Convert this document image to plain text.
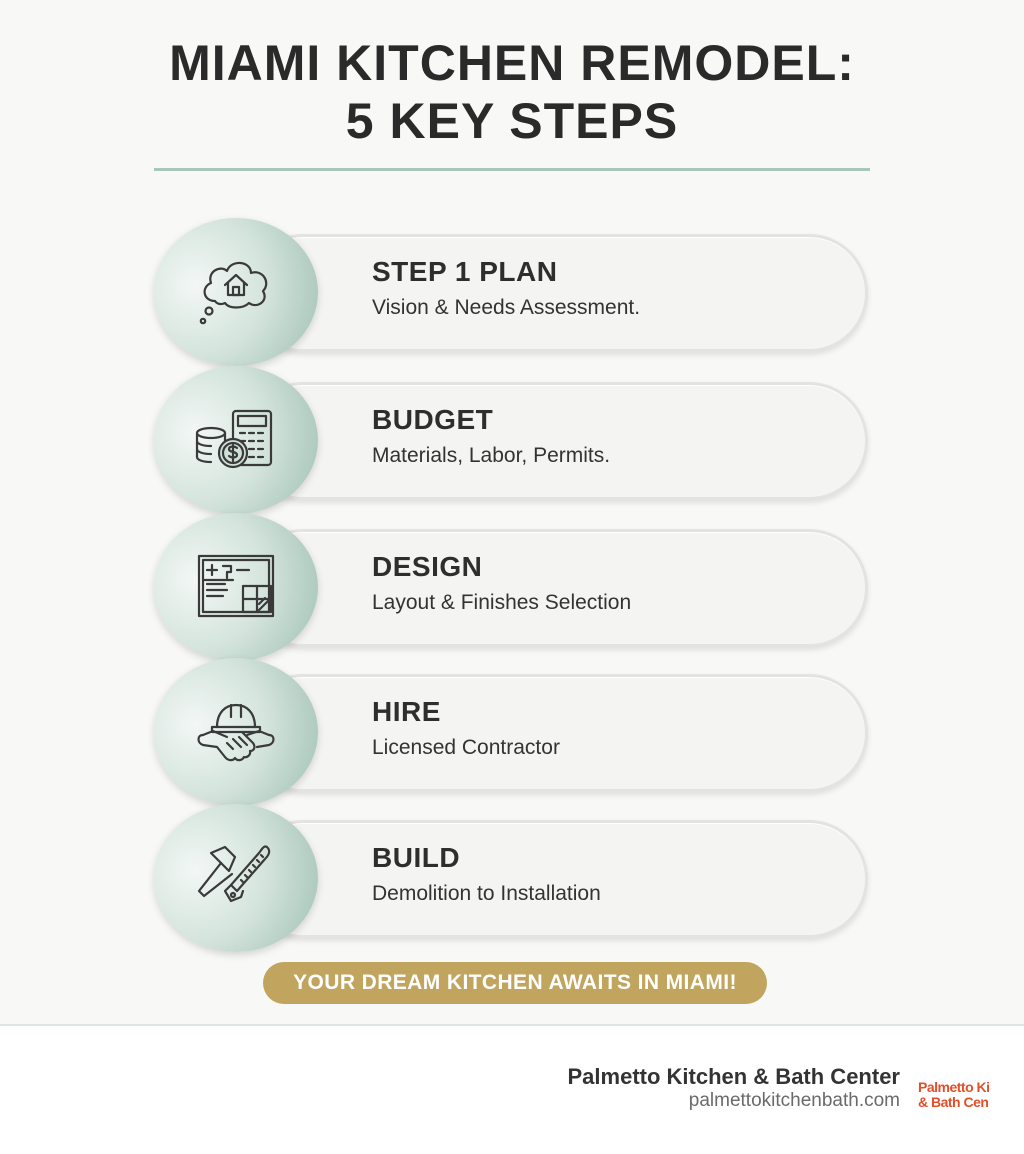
MIAMI KITCHEN REMODEL:
5 KEY STEPS
STEP 1 PLAN
Vision & Needs Assessment.
BUDGET
Materials, Labor, Permits.
DESIGN
Layout & Finishes Selection
HIRE
Licensed Contractor
BUILD
Demolition to Installation
YOUR DREAM KITCHEN AWAITS IN MIAMI!
Palmetto Kitchen & Bath Center
palmettokitchenbath.com
Palmetto Ki
& Bath Cen
